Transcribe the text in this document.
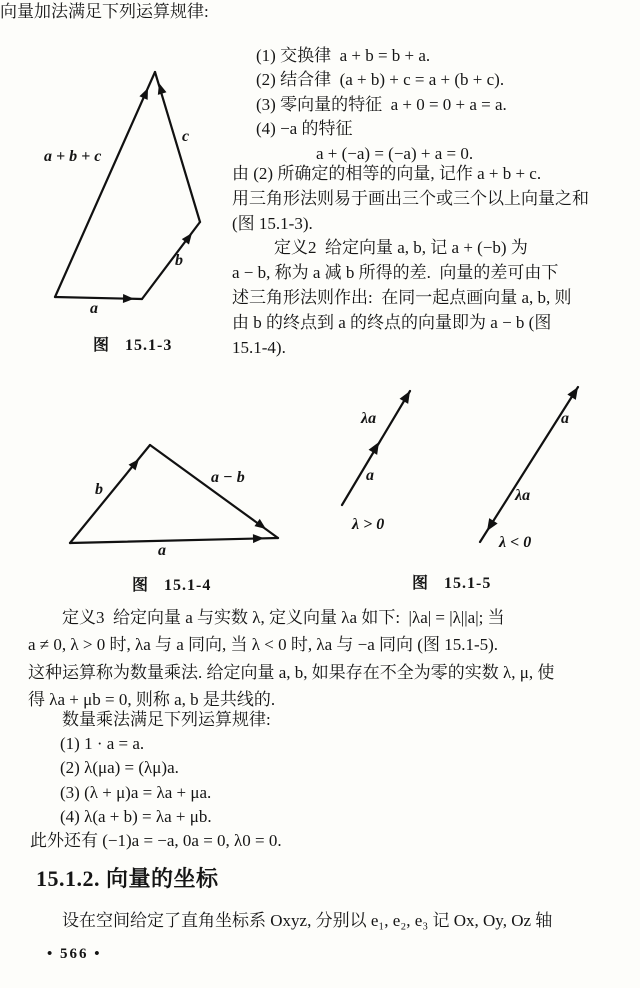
向量加法满足下列运算规律:
(1) 交换律  a + b = b + a.
(2) 结合律  (a + b) + c = a + (b + c).
(3) 零向量的特征  a + 0 = 0 + a = a.
(4) −a 的特征
a + (−a) = (−a) + a = 0.
由 (2) 所确定的相等的向量, 记作 a + b + c.
用三角形法则易于画出三个或三个以上向量之和
(图 15.1-3).
定义2  给定向量 a, b, 记 a + (−b) 为
a − b, 称为 a 减 b 所得的差.  向量的差可由下
述三角形法则作出:  在同一起点画向量 a, b, 则
由 b 的终点到 a 的终点的向量即为 a − b (图
15.1-4).
a + b + c
c
b
a
图   15.1-3
b
a − b
a
图   15.1-4
λa
a
λ > 0
a
λa
λ < 0
图   15.1-5
定义3  给定向量 a 与实数 λ, 定义向量 λa 如下:  |λa| = |λ||a|; 当
a ≠ 0, λ > 0 时, λa 与 a 同向, 当 λ < 0 时, λa 与 −a 同向 (图 15.1-5).
这种运算称为数量乘法. 给定向量 a, b, 如果存在不全为零的实数 λ, μ, 使
得 λa + μb = 0, 则称 a, b 是共线的.
数量乘法满足下列运算规律:
(1) 1 · a = a.
(2) λ(μa) = (λμ)a.
(3) (λ + μ)a = λa + μa.
(4) λ(a + b) = λa + μb.
此外还有 (−1)a = −a, 0a = 0, λ0 = 0.
15.1.2. 向量的坐标
设在空间给定了直角坐标系 Oxyz, 分别以 e₁, e₂, e₃ 记 Ox, Oy, Oz 轴
• 566 •
